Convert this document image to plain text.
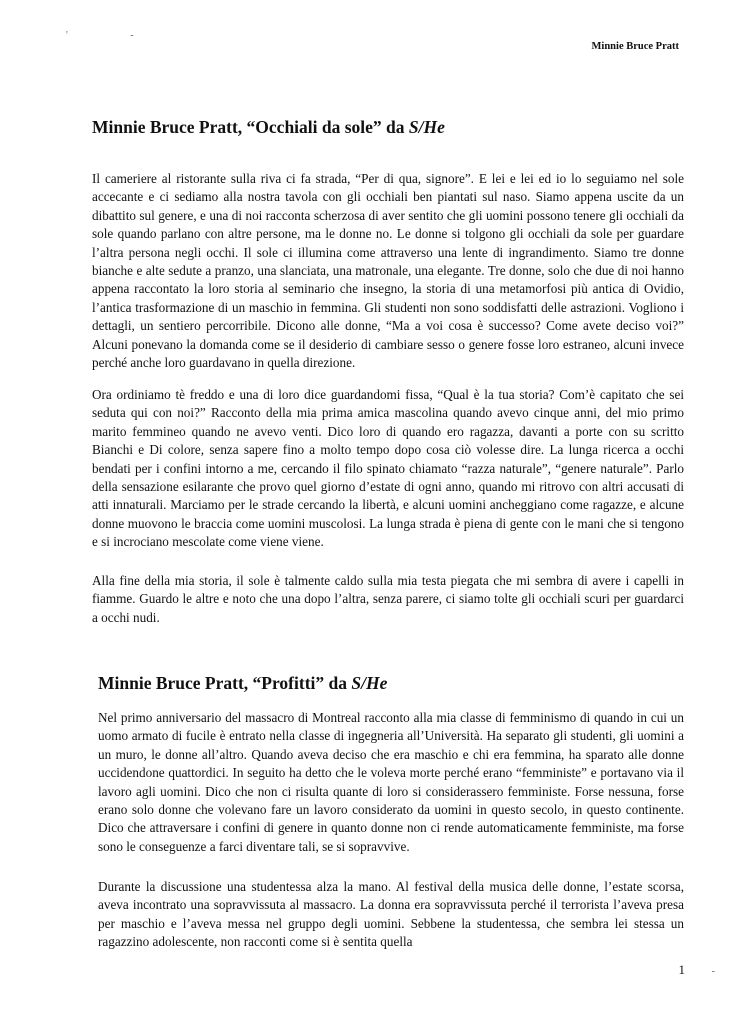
' -
Minnie Bruce Pratt
Minnie Bruce Pratt, “Occhiali da sole” da S/He

Il cameriere al ristorante sulla riva ci fa strada, “Per di qua, signore”. E lei e lei ed io lo seguiamo nel sole accecante e ci sediamo alla nostra tavola con gli occhiali ben piantati sul naso. Siamo appena uscite da un dibattito sul genere, e una di noi racconta scherzosa di aver sentito che gli uomini possono tenere gli occhiali da sole quando parlano con altre persone, ma le donne no. Le donne si tolgono gli occhiali da sole per guardare l’altra persona negli occhi. Il sole ci illumina come attraverso una lente di ingrandimento. Siamo tre donne bianche e alte sedute a pranzo, una slanciata, una matronale, una elegante. Tre donne, solo che due di noi hanno appena raccontato la loro storia al seminario che insegno, la storia di una metamorfosi più antica di Ovidio, l’antica trasformazione di un maschio in femmina. Gli studenti non sono soddisfatti delle astrazioni. Vogliono i dettagli, un sentiero percorribile. Dicono alle donne, “Ma a voi cosa è successo? Come avete deciso voi?” Alcuni ponevano la domanda come se il desiderio di cambiare sesso o genere fosse loro estraneo, alcuni invece perché anche loro guardavano in quella direzione.

Ora ordiniamo tè freddo e una di loro dice guardandomi fissa, “Qual è la tua storia? Com’è capitato che sei seduta qui con noi?” Racconto della mia prima amica mascolina quando avevo cinque anni, del mio primo marito femmineo quando ne avevo venti. Dico loro di quando ero ragazza, davanti a porte con su scritto Bianchi e Di colore, senza sapere fino a molto tempo dopo cosa ciò volesse dire. La lunga ricerca a occhi bendati per i confini intorno a me, cercando il filo spinato chiamato “razza naturale”, “genere naturale”. Parlo della sensazione esilarante che provo quel giorno d’estate di ogni anno, quando mi ritrovo con altri accusati di atti innaturali. Marciamo per le strade cercando la libertà, e alcuni uomini ancheggiano come ragazze, e alcune donne muovono le braccia come uomini muscolosi. La lunga strada è piena di gente con le mani che si tengono e si incrociano mescolate come viene viene.

Alla fine della mia storia, il sole è talmente caldo sulla mia testa piegata che mi sembra di avere i capelli in fiamme. Guardo le altre e noto che una dopo l’altra, senza parere, ci siamo tolte gli occhiali scuri per guardarci a occhi nudi.

Minnie Bruce Pratt, “Profitti” da S/He

Nel primo anniversario del massacro di Montreal racconto alla mia classe di femminismo di quando in cui un uomo armato di fucile è entrato nella classe di ingegneria all’Università. Ha separato gli studenti, gli uomini a un muro, le donne all’altro. Quando aveva deciso che era maschio e chi era femmina, ha sparato alle donne uccidendone quattordici. In seguito ha detto che le voleva morte perché erano “femministe” e portavano via il lavoro agli uomini. Dico che non ci risulta quante di loro si considerassero femministe. Forse nessuna, forse erano solo donne che volevano fare un lavoro considerato da uomini in questo secolo, in questo continente. Dico che attraversare i confini di genere in quanto donne non ci rende automaticamente femministe, ma forse sono le conseguenze a farci diventare tali, se si sopravvive.

Durante la discussione una studentessa alza la mano. Al festival della musica delle donne, l’estate scorsa, aveva incontrato una sopravvissuta al massacro. La donna era sopravvissuta perché il terrorista l’aveva presa per maschio e l’aveva messa nel gruppo degli uomini. Sebbene la studentessa, che sembra lei stessa un ragazzino adolescente, non racconti come si è sentita quella

1	-
